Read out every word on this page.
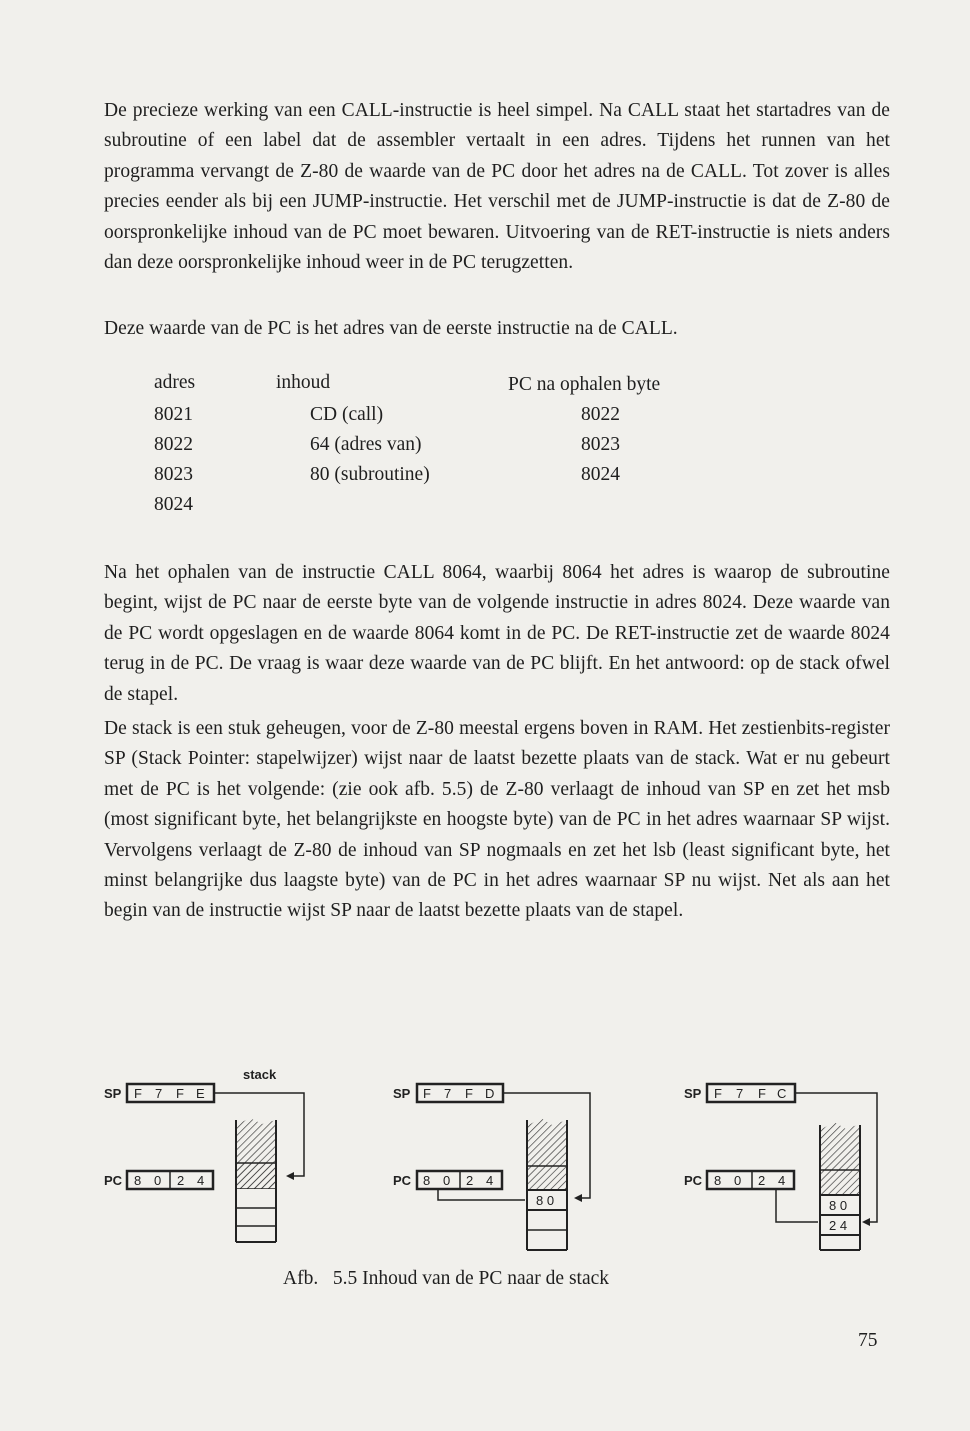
De precieze werking van een CALL-instructie is heel simpel. Na CALL staat het startadres van de subroutine of een label dat de assembler vertaalt in een adres. Tijdens het runnen van het programma vervangt de Z-80 de waarde van de PC door het adres na de CALL. Tot zover is alles precies eender als bij een JUMP-instructie. Het verschil met de JUMP-instructie is dat de Z-80 de oorspronkelijke inhoud van de PC moet bewaren. Uitvoering van de RET-instructie is niets anders dan deze oorspronkelijke inhoud weer in de PC terugzetten.

Deze waarde van de PC is het adres van de eerste instructie na de CALL.

adres	inhoud	PC na ophalen byte
8021	CD (call)	8022
8022	64 (adres van)	8023
8023	80 (subroutine)	8024
8024

Na het ophalen van de instructie CALL 8064, waarbij 8064 het adres is waarop de subroutine begint, wijst de PC naar de eerste byte van de volgende instructie in adres 8024. Deze waarde van de PC wordt opgeslagen en de waarde 8064 komt in de PC. De RET-instructie zet de waarde 8024 terug in de PC. De vraag is waar deze waarde van de PC blijft. En het antwoord: op de stack ofwel de stapel.

De stack is een stuk geheugen, voor de Z-80 meestal ergens boven in RAM. Het zestienbits-register SP (Stack Pointer: stapelwijzer) wijst naar de laatst bezette plaats van de stack. Wat er nu gebeurt met de PC is het volgende: (zie ook afb. 5.5) de Z-80 verlaagt de inhoud van SP en zet het msb (most significant byte, het belangrijkste en hoogste byte) van de PC in het adres waarnaar SP wijst. Vervolgens verlaagt de Z-80 de inhoud van SP nogmaals en zet het lsb (least significant byte, het minst belangrijke dus laagste byte) van de PC in het adres waarnaar SP nu wijst. Net als aan het begin van de instructie wijst SP naar de laatst bezette plaats van de stapel.

stack
SP F 7 F E
PC 8 0 2 4
SP F 7 F D
8 0
PC 8 0 2 4
SP F 7 F C
8 0
2 4
PC 8 0 2 4
Afb.   5.5 Inhoud van de PC naar de stack
75
